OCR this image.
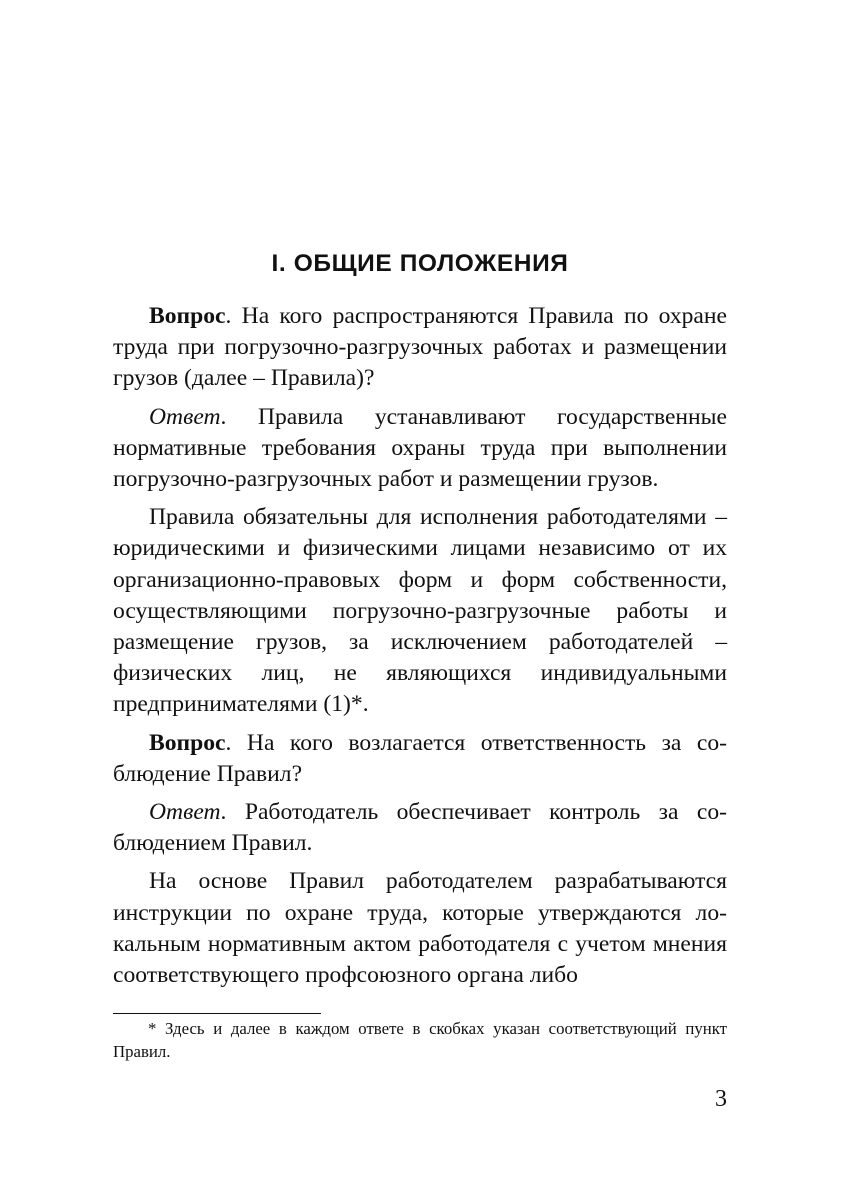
I. ОБЩИЕ ПОЛОЖЕНИЯ

Вопрос. На кого распространяются Правила по охране труда при погрузочно-разгрузочных работах и размещении грузов (далее – Правила)?

Ответ. Правила устанавливают государственные нормативные требования охраны труда при выполнении погрузочно-разгрузочных работ и размещении грузов.

Правила обязательны для исполнения работодателями – юридическими и физическими лицами независимо от их организационно-правовых форм и форм собственности, осуществляющими погрузочно-разгрузочные работы и размещение грузов, за исключением работодателей – физических лиц, не являющихся индивидуальными предпринимателями (1)*.

Вопрос. На кого возлагается ответственность за соблюдение Правил?

Ответ. Работодатель обеспечивает контроль за соблюдением Правил.

На основе Правил работодателем разрабатываются инструкции по охране труда, которые утверждаются локальным нормативным актом работодателя с учетом мнения соответствующего профсоюзного органа либо

* Здесь и далее в каждом ответе в скобках указан соответствующий пункт Правил.

3
